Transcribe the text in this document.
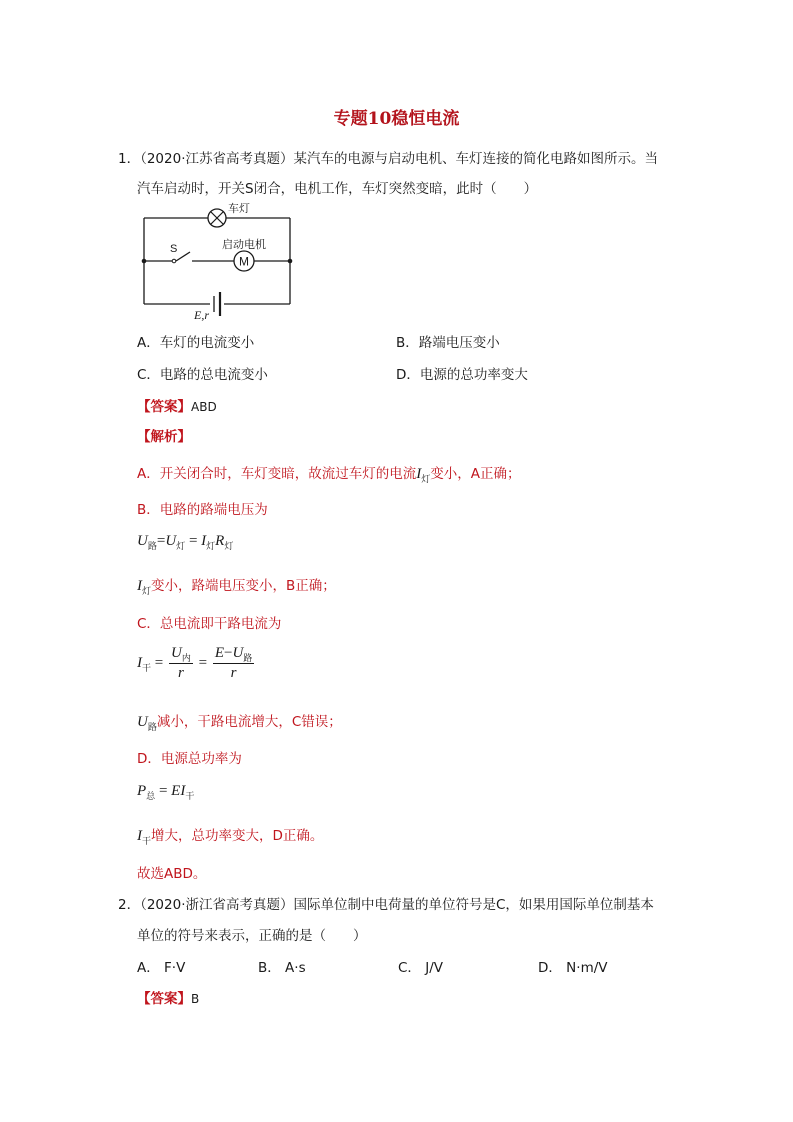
专题10稳恒电流
1．（2020·江苏省高考真题）某汽车的电源与启动电机、车灯连接的简化电路如图所示。当
汽车启动时，开关S闭合，电机工作，车灯突然变暗，此时（　　）
M
车灯
S	启动电机
E,r
A．车灯的电流变小	B．路端电压变小
C．电路的总电流变小	D．电源的总功率变大
【答案】ABD
【解析】
A．开关闭合时，车灯变暗，故流过车灯的电流$I_灯$变小，A正确；
B．电路的路端电压为
$U_路=U_灯 = I_灯R_灯$
$I_灯$变小，路端电压变小，B正确；
C．总电流即干路电流为
$I_干 = \frac{U_内}{r} = \frac{E-U_路}{r}$
$U_路$减小，干路电流增大，C错误；
D．电源总功率为
$P_总 = EI_干$
$I_干$增大，总功率变大，D正确。
故选ABD。
2．（2020·浙江省高考真题）国际单位制中电荷量的单位符号是C，如果用国际单位制基本
单位的符号来表示，正确的是（　　）
A． F·V	B． A·s	C． J/V	D． N·m/V
【答案】B
